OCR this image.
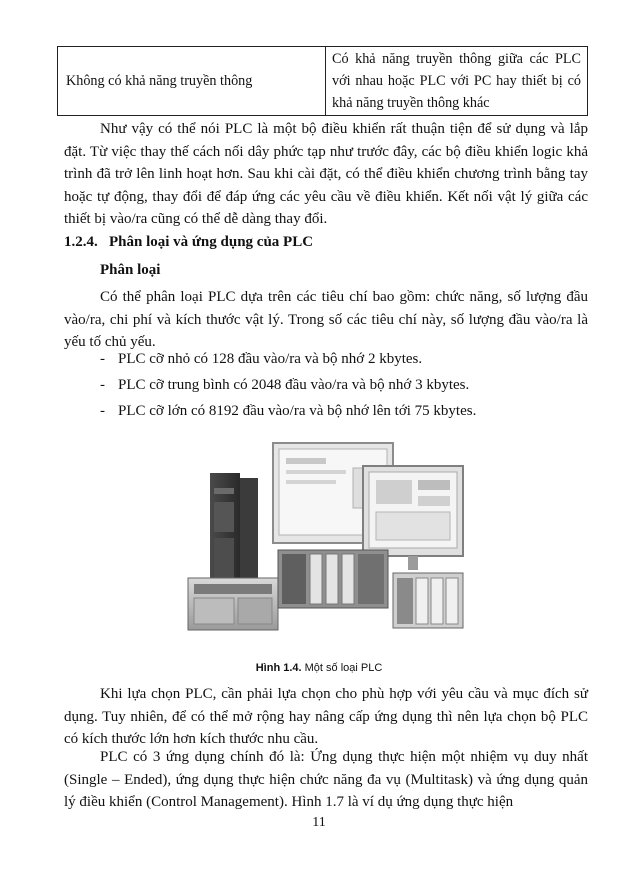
Không có khả năng truyền thông	Có khả năng truyền thông giữa các PLC với nhau hoặc PLC với PC hay thiết bị có khả năng truyền thông khác

Như vậy có thể nói PLC là một bộ điều khiển rất thuận tiện để sử dụng và lắp đặt. Từ việc thay thế cách nối dây phức tạp như trước đây, các bộ điều khiển logic khả trình đã trở lên linh hoạt hơn. Sau khi cài đặt, có thể điều khiển chương trình bằng tay hoặc tự động, thay đổi để đáp ứng các yêu cầu về điều khiển. Kết nối vật lý giữa các thiết bị vào/ra cũng có thể dễ dàng thay đổi.

1.2.4. Phân loại và ứng dụng của PLC

Phân loại

Có thể phân loại PLC dựa trên các tiêu chí bao gồm: chức năng, số lượng đầu vào/ra, chi phí và kích thước vật lý. Trong số các tiêu chí này, số lượng đầu vào/ra là yếu tố chủ yếu.

- PLC cỡ nhỏ có 128 đầu vào/ra và bộ nhớ 2 kbytes.

- PLC cỡ trung bình có 2048 đầu vào/ra và bộ nhớ 3 kbytes.

- PLC cỡ lớn có 8192 đầu vào/ra và bộ nhớ lên tới 75 kbytes.

Hình 1.4. Một số loại PLC

Khi lựa chọn PLC, cần phải lựa chọn cho phù hợp với yêu cầu và mục đích sử dụng. Tuy nhiên, để có thể mở rộng hay nâng cấp ứng dụng thì nên lựa chọn bộ PLC có kích thước lớn hơn kích thước nhu cầu.

PLC có 3 ứng dụng chính đó là: Ứng dụng thực hiện một nhiệm vụ duy nhất (Single – Ended), ứng dụng thực hiện chức năng đa vụ (Multitask) và ứng dụng quản lý điều khiển (Control Management). Hình 1.7 là ví dụ ứng dụng thực hiện

11
